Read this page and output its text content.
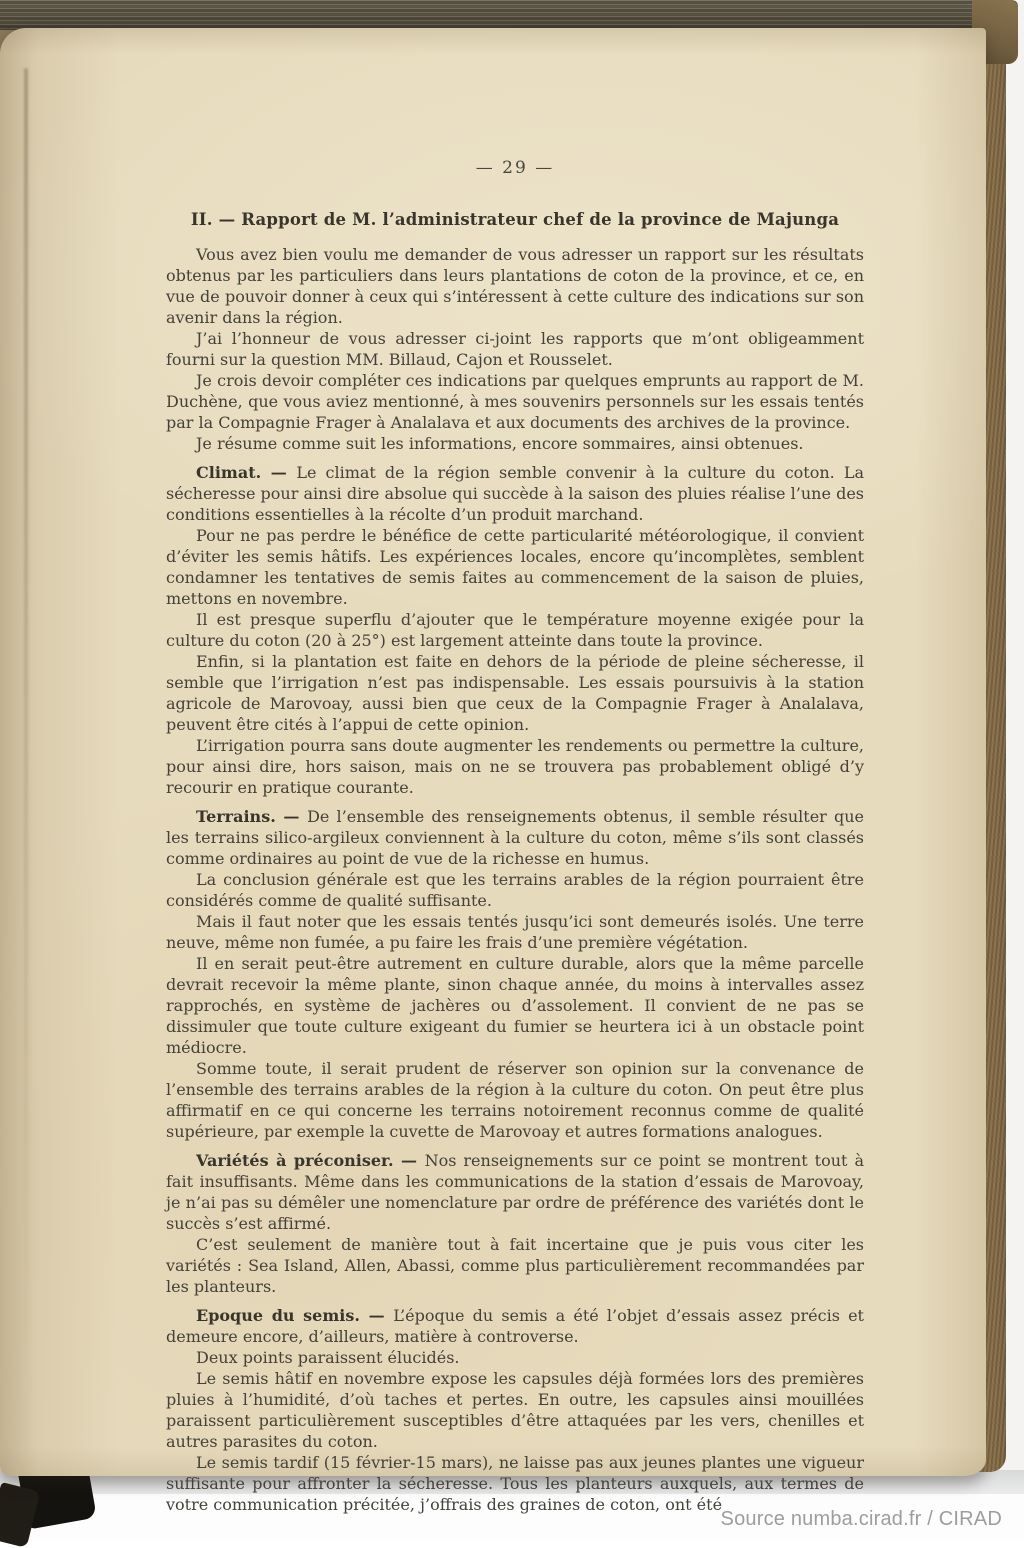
— 29 —
II. — Rapport de M. l’administrateur chef de la province de Majunga

Vous avez bien voulu me demander de vous adresser un rapport sur les résultats obtenus par les particuliers dans leurs plantations de coton de la province, et ce, en vue de pouvoir donner à ceux qui s’intéressent à cette culture des indications sur son avenir dans la région.

J’ai l’honneur de vous adresser ci-joint les rapports que m’ont obligeamment fourni sur la question MM. Billaud, Cajon et Rousselet.

Je crois devoir compléter ces indications par quelques emprunts au rapport de M. Duchène, que vous aviez mentionné, à mes souvenirs personnels sur les essais tentés par la Compagnie Frager à Analalava et aux documents des archives de la province.

Je résume comme suit les informations, encore sommaires, ainsi obtenues.

Climat. — Le climat de la région semble convenir à la culture du coton. La sécheresse pour ainsi dire absolue qui succède à la saison des pluies réalise l’une des conditions essentielles à la récolte d’un produit marchand.

Pour ne pas perdre le bénéfice de cette particularité météorologique, il convient d’éviter les semis hâtifs. Les expériences locales, encore qu’incomplètes, semblent condamner les tentatives de semis faites au commencement de la saison de pluies, mettons en novembre.

Il est presque superflu d’ajouter que le température moyenne exigée pour la culture du coton (20 à 25°) est largement atteinte dans toute la province.

Enfin, si la plantation est faite en dehors de la période de pleine sécheresse, il semble que l’irrigation n’est pas indispensable. Les essais poursuivis à la station agricole de Marovoay, aussi bien que ceux de la Compagnie Frager à Analalava, peuvent être cités à l’appui de cette opinion.

L’irrigation pourra sans doute augmenter les rendements ou permettre la culture, pour ainsi dire, hors saison, mais on ne se trouvera pas probablement obligé d’y recourir en pratique courante.

Terrains. — De l’ensemble des renseignements obtenus, il semble résulter que les terrains silico-argileux conviennent à la culture du coton, même s’ils sont classés comme ordinaires au point de vue de la richesse en humus.

La conclusion générale est que les terrains arables de la région pourraient être considérés comme de qualité suffisante.

Mais il faut noter que les essais tentés jusqu’ici sont demeurés isolés. Une terre neuve, même non fumée, a pu faire les frais d’une première végétation.

Il en serait peut-être autrement en culture durable, alors que la même parcelle devrait recevoir la même plante, sinon chaque année, du moins à intervalles assez rapprochés, en système de jachères ou d’assolement. Il convient de ne pas se dissimuler que toute culture exigeant du fumier se heurtera ici à un obstacle point médiocre.

Somme toute, il serait prudent de réserver son opinion sur la convenance de l’ensemble des terrains arables de la région à la culture du coton. On peut être plus affirmatif en ce qui concerne les terrains notoirement reconnus comme de qualité supérieure, par exemple la cuvette de Marovoay et autres formations analogues.

Variétés à préconiser. — Nos renseignements sur ce point se montrent tout à fait insuffisants. Même dans les communications de la station d’essais de Marovoay, je n’ai pas su démêler une nomenclature par ordre de préférence des variétés dont le succès s’est affirmé.

C’est seulement de manière tout à fait incertaine que je puis vous citer les variétés : Sea Island, Allen, Abassi, comme plus particulièrement recommandées par les planteurs.

Epoque du semis. — L’époque du semis a été l’objet d’essais assez précis et demeure encore, d’ailleurs, matière à controverse.

Deux points paraissent élucidés.

Le semis hâtif en novembre expose les capsules déjà formées lors des premières pluies à l’humidité, d’où taches et pertes. En outre, les capsules ainsi mouillées paraissent particulièrement susceptibles d’être attaquées par les vers, chenilles et autres parasites du coton.

Le semis tardif (15 février-15 mars), ne laisse pas aux jeunes plantes une vigueur suffisante pour affronter la sécheresse. Tous les planteurs auxquels, aux termes de votre communication précitée, j’offrais des graines de coton, ont été

Source numba.cirad.fr / CIRAD
